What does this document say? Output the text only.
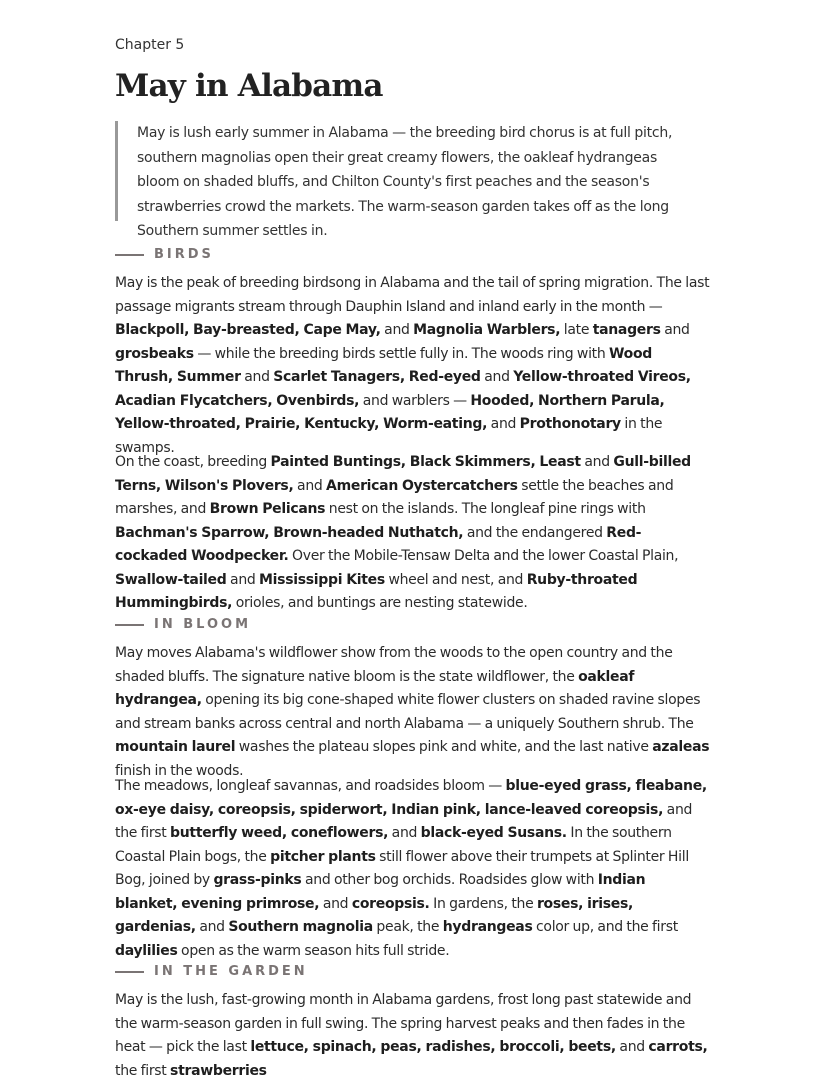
Chapter 5
May in Alabama

May is lush early summer in Alabama — the breeding bird chorus is at full pitch, southern magnolias open their great creamy flowers, the oakleaf hydrangeas bloom on shaded bluffs, and Chilton County's first peaches and the season's strawberries crowd the markets. The warm-season garden takes off as the long Southern summer settles in.

BIRDS

May is the peak of breeding birdsong in Alabama and the tail of spring migration. The last passage migrants stream through Dauphin Island and inland early in the month — Blackpoll, Bay-breasted, Cape May, and Magnolia Warblers, late tanagers and grosbeaks — while the breeding birds settle fully in. The woods ring with Wood Thrush, Summer and Scarlet Tanagers, Red-eyed and Yellow-throated Vireos, Acadian Flycatchers, Ovenbirds, and warblers — Hooded, Northern Parula, Yellow-throated, Prairie, Kentucky, Worm-eating, and Prothonotary in the swamps.

On the coast, breeding Painted Buntings, Black Skimmers, Least and Gull-billed Terns, Wilson's Plovers, and American Oystercatchers settle the beaches and marshes, and Brown Pelicans nest on the islands. The longleaf pine rings with Bachman's Sparrow, Brown-headed Nuthatch, and the endangered Red-cockaded Woodpecker. Over the Mobile-Tensaw Delta and the lower Coastal Plain, Swallow-tailed and Mississippi Kites wheel and nest, and Ruby-throated Hummingbirds, orioles, and buntings are nesting statewide.

IN BLOOM

May moves Alabama's wildflower show from the woods to the open country and the shaded bluffs. The signature native bloom is the state wildflower, the oakleaf hydrangea, opening its big cone-shaped white flower clusters on shaded ravine slopes and stream banks across central and north Alabama — a uniquely Southern shrub. The mountain laurel washes the plateau slopes pink and white, and the last native azaleas finish in the woods.

The meadows, longleaf savannas, and roadsides bloom — blue-eyed grass, fleabane, ox-eye daisy, coreopsis, spiderwort, Indian pink, lance-leaved coreopsis, and the first butterfly weed, coneflowers, and black-eyed Susans. In the southern Coastal Plain bogs, the pitcher plants still flower above their trumpets at Splinter Hill Bog, joined by grass-pinks and other bog orchids. Roadsides glow with Indian blanket, evening primrose, and coreopsis. In gardens, the roses, irises, gardenias, and Southern magnolia peak, the hydrangeas color up, and the first daylilies open as the warm season hits full stride.

IN THE GARDEN

May is the lush, fast-growing month in Alabama gardens, frost long past statewide and the warm-season garden in full swing. The spring harvest peaks and then fades in the heat — pick the last lettuce, spinach, peas, radishes, broccoli, beets, and carrots, the first strawberries
